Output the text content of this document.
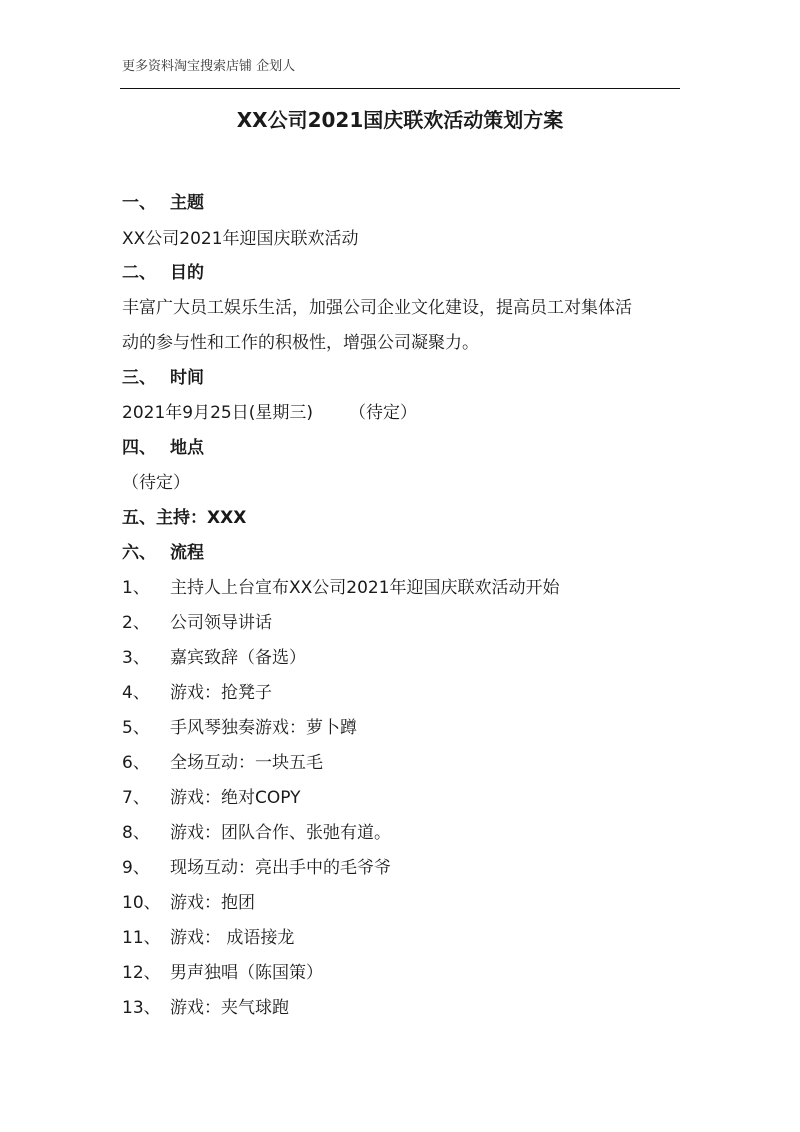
更多资料淘宝搜索店铺 企划人
XX公司2021国庆联欢活动策划方案
一、 主题
XX公司2021年迎国庆联欢活动
二、 目的
丰富广大员工娱乐生活，加强公司企业文化建设，提高员工对集体活
动的参与性和工作的积极性，增强公司凝聚力。
三、 时间
2021年9月25日(星期三) （待定）
四、 地点
（待定）
五、主持：XXX
六、 流程
1、 主持人上台宣布XX公司2021年迎国庆联欢活动开始
2、 公司领导讲话
3、 嘉宾致辞（备选）
4、 游戏：抢凳子
5、 手风琴独奏游戏：萝卜蹲
6、 全场互动：一块五毛
7、 游戏：绝对COPY
8、 游戏：团队合作、张弛有道。
9、 现场互动：亮出手中的毛爷爷
10、 游戏：抱团
11、 游戏： 成语接龙
12、 男声独唱（陈国策）
13、 游戏：夹气球跑
